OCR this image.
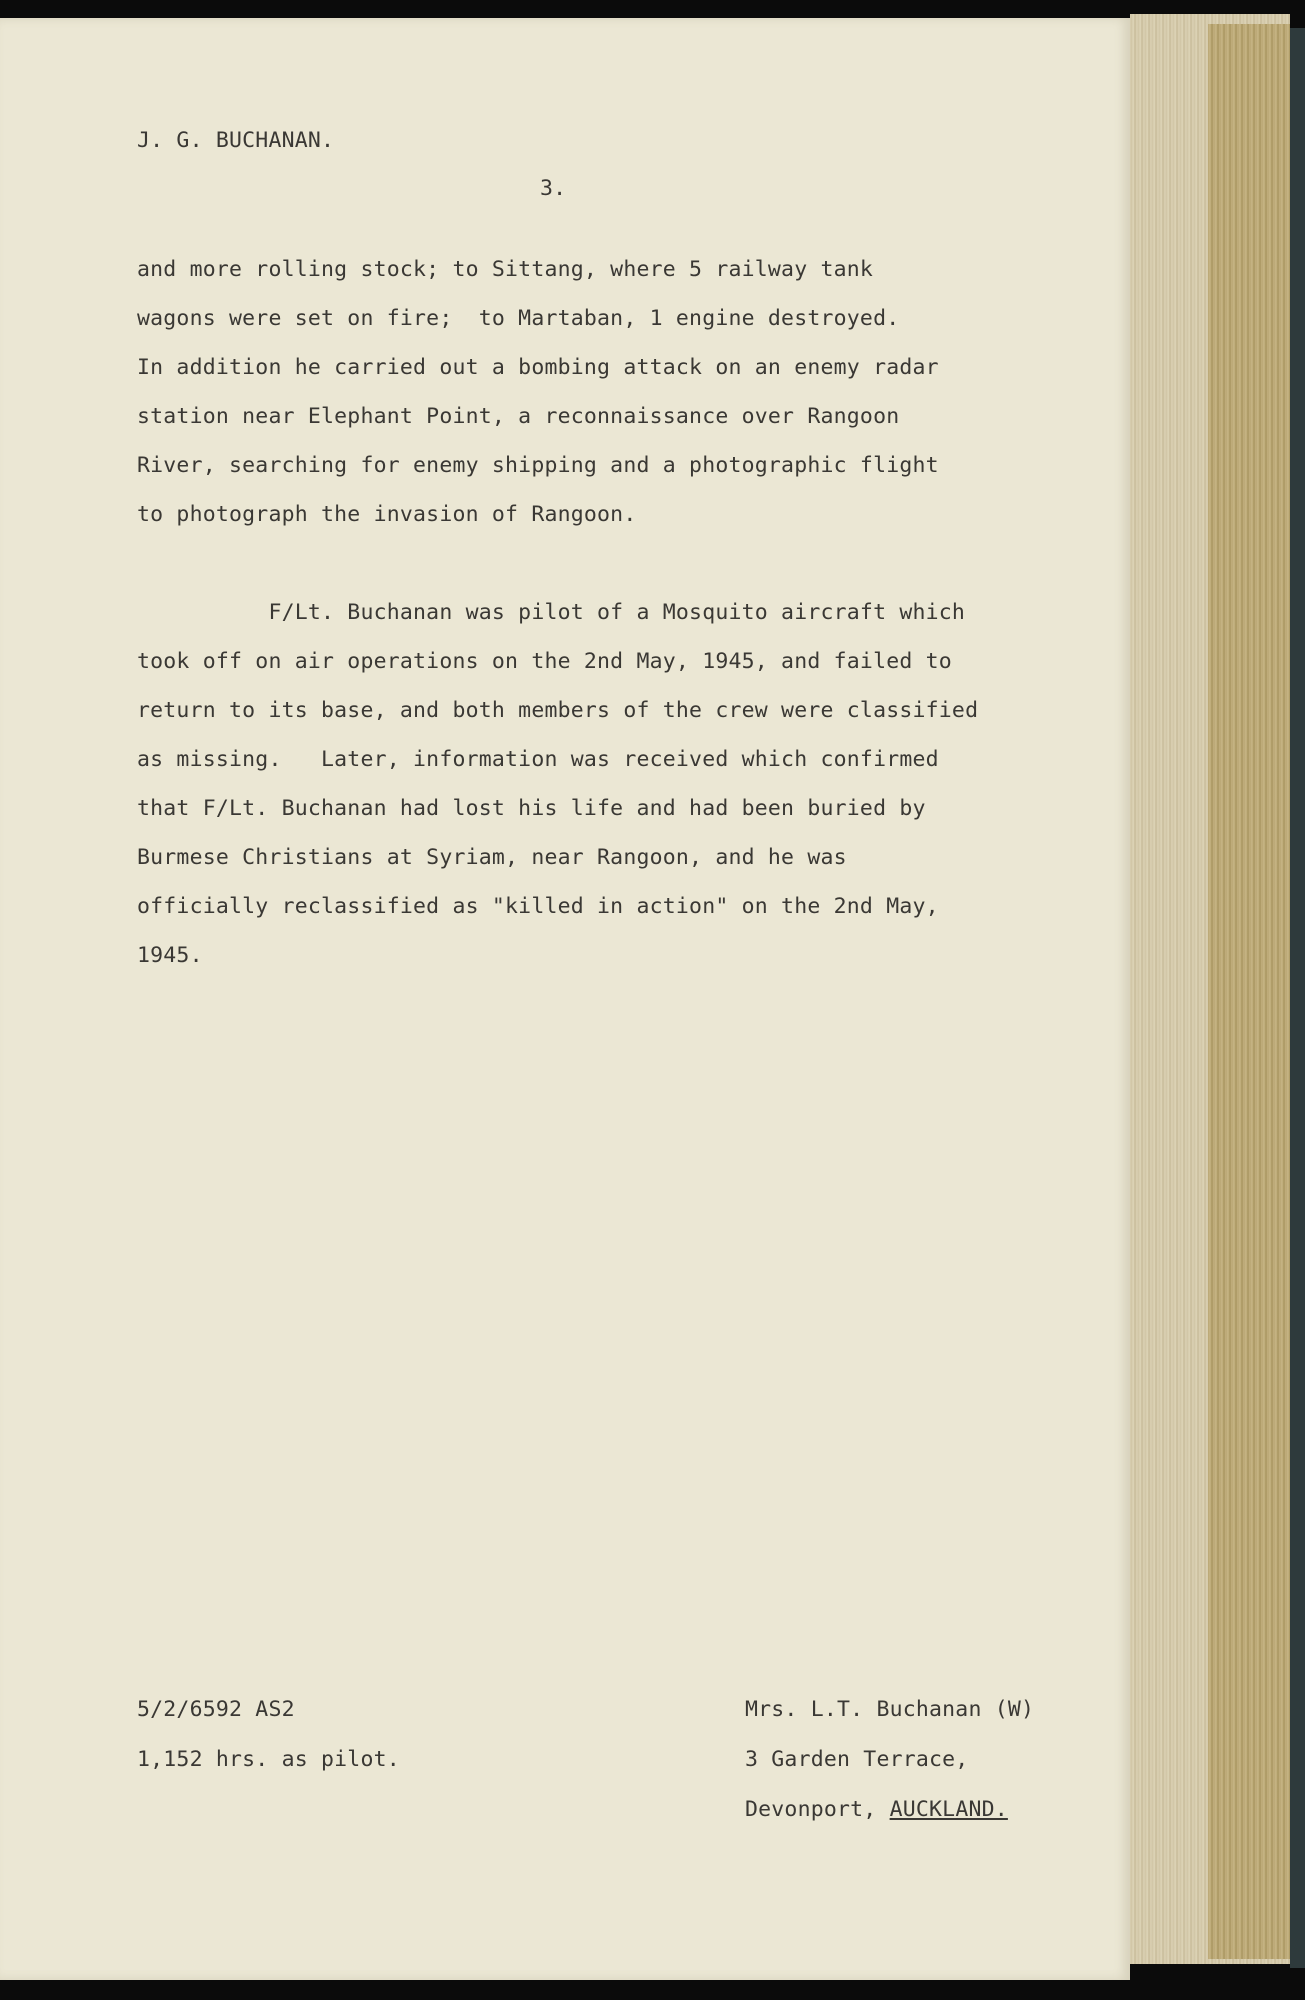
J. G. BUCHANAN.
3.
and more rolling stock; to Sittang, where 5 railway tank
wagons were set on fire;  to Martaban, 1 engine destroyed.
In addition he carried out a bombing attack on an enemy radar
station near Elephant Point, a reconnaissance over Rangoon
River, searching for enemy shipping and a photographic flight
to photograph the invasion of Rangoon.

F/Lt. Buchanan was pilot of a Mosquito aircraft which
took off on air operations on the 2nd May, 1945, and failed to
return to its base, and both members of the crew were classified
as missing.   Later, information was received which confirmed
that F/Lt. Buchanan had lost his life and had been buried by
Burmese Christians at Syriam, near Rangoon, and he was
officially reclassified as "killed in action" on the 2nd May,
1945.
5/2/6592 AS2
1,152 hrs. as pilot.
Mrs. L.T. Buchanan (W)
3 Garden Terrace,
Devonport, AUCKLAND.
